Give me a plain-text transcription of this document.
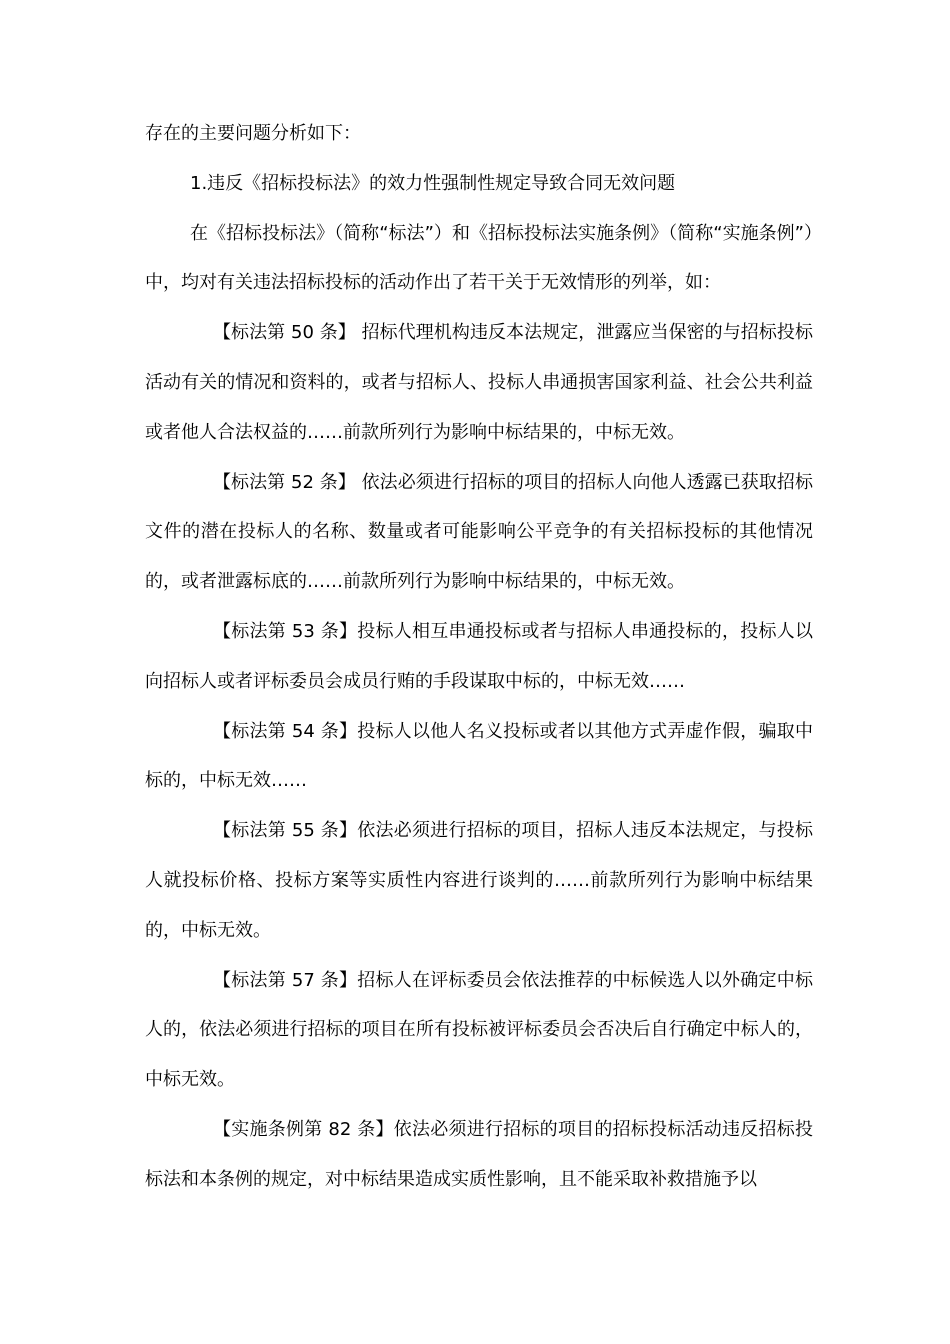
存在的主要问题分析如下：

1.违反《招标投标法》的效力性强制性规定导致合同无效问题

在《招标投标法》（简称“标法”）和《招标投标法实施条例》（简称“实施条例”）中，均对有关违法招标投标的活动作出了若干关于无效情形的列举，如：

【标法第 50 条】 招标代理机构违反本法规定，泄露应当保密的与招标投标活动有关的情况和资料的，或者与招标人、投标人串通损害国家利益、社会公共利益或者他人合法权益的……前款所列行为影响中标结果的，中标无效。

【标法第 52 条】 依法必须进行招标的项目的招标人向他人透露已获取招标文件的潜在投标人的名称、数量或者可能影响公平竞争的有关招标投标的其他情况的，或者泄露标底的……前款所列行为影响中标结果的，中标无效。

【标法第 53 条】投标人相互串通投标或者与招标人串通投标的，投标人以向招标人或者评标委员会成员行贿的手段谋取中标的，中标无效……

【标法第 54 条】投标人以他人名义投标或者以其他方式弄虚作假，骗取中标的，中标无效……

【标法第 55 条】依法必须进行招标的项目，招标人违反本法规定，与投标人就投标价格、投标方案等实质性内容进行谈判的……前款所列行为影响中标结果的，中标无效。

【标法第 57 条】招标人在评标委员会依法推荐的中标候选人以外确定中标人的，依法必须进行招标的项目在所有投标被评标委员会否决后自行确定中标人的，中标无效。

【实施条例第 82 条】依法必须进行招标的项目的招标投标活动违反招标投标法和本条例的规定，对中标结果造成实质性影响，且不能采取补救措施予以
